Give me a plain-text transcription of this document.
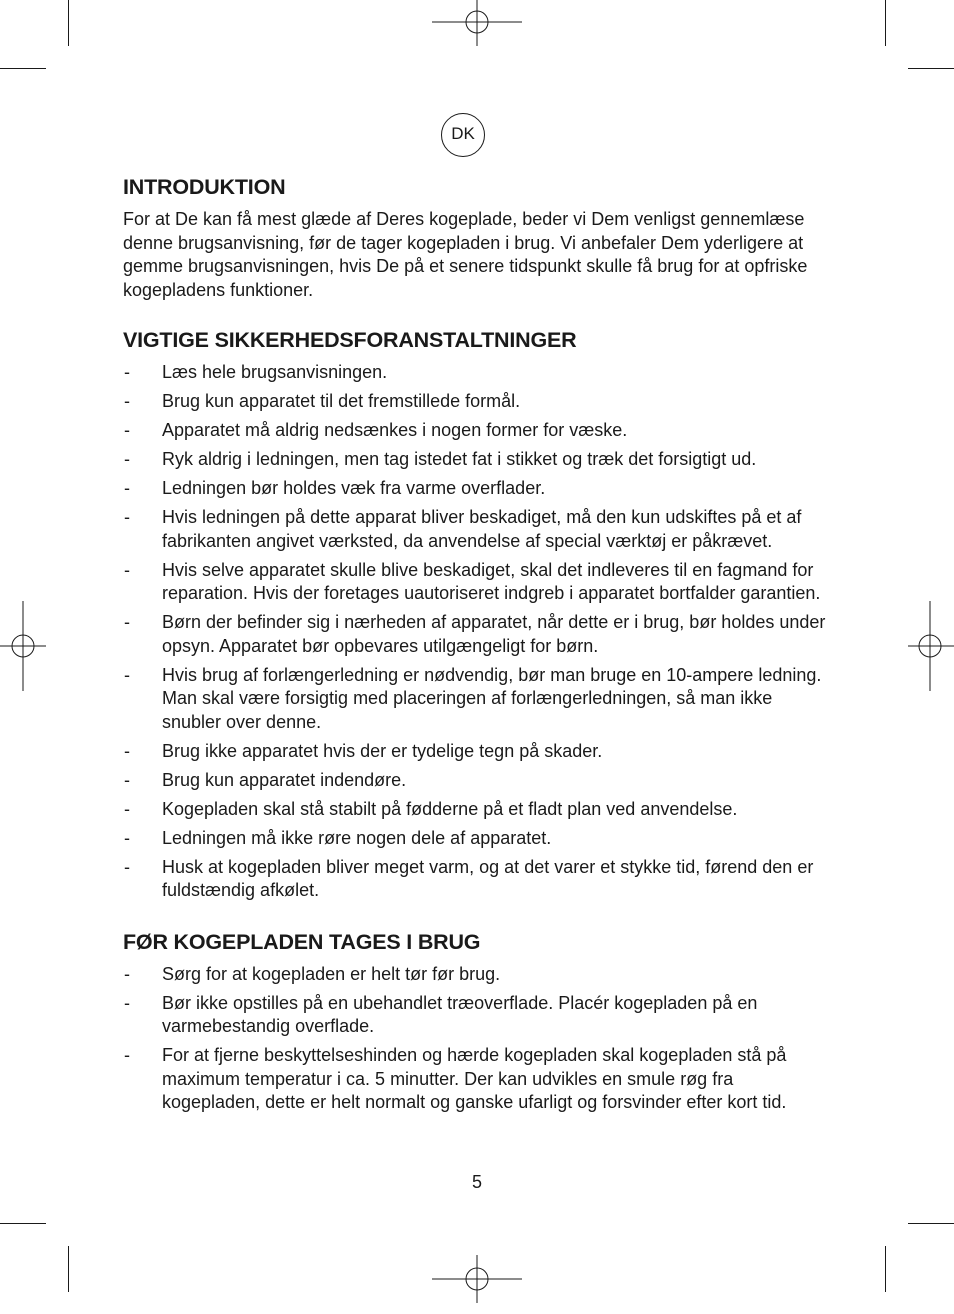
DK
INTRODUKTION

For at De kan få mest glæde af Deres kogeplade, beder vi Dem venligst gennemlæse denne brugsanvisning, før de tager kogepladen i brug. Vi anbefaler Dem yderligere at gemme brugsanvisningen, hvis De på et senere tidspunkt skulle få brug for at opfriske kogepladens funktioner.

VIGTIGE SIKKERHEDSFORANSTALTNINGER
- Læs hele brugsanvisningen.
- Brug kun apparatet til det fremstillede formål.
- Apparatet må aldrig nedsænkes i nogen former for væske.
- Ryk aldrig i ledningen, men tag istedet fat i stikket og træk det forsigtigt ud.
- Ledningen bør holdes væk fra varme overflader.
- Hvis ledningen på dette apparat bliver beskadiget, må den kun udskiftes på et af fabrikanten angivet værksted, da anvendelse af special værktøj er påkrævet.
- Hvis selve apparatet skulle blive beskadiget, skal det indleveres til en fagmand for reparation. Hvis der foretages uautoriseret indgreb i apparatet bortfalder garantien.
- Børn der befinder sig i nærheden af apparatet, når dette er i brug, bør holdes under opsyn. Apparatet bør opbevares utilgængeligt for børn.
- Hvis brug af forlængerledning er nødvendig, bør man bruge en 10-ampere ledning. Man skal være forsigtig med placeringen af forlængerledningen, så man ikke snubler over denne.
- Brug ikke apparatet hvis der er tydelige tegn på skader.
- Brug kun apparatet indendøre.
- Kogepladen skal stå stabilt på fødderne på et fladt plan ved anvendelse.
- Ledningen må ikke røre nogen dele af apparatet.
- Husk at kogepladen bliver meget varm, og at det varer et stykke tid, førend den er fuldstændig afkølet.
FØR KOGEPLADEN TAGES I BRUG
- Sørg for at kogepladen er helt tør før brug.
- Bør ikke opstilles på en ubehandlet træoverflade. Placér kogepladen på en varmebestandig overflade.
- For at fjerne beskyttelseshinden og hærde kogepladen skal kogepladen stå på maximum temperatur i ca. 5 minutter. Der kan udvikles en smule røg fra kogepladen, dette er helt normalt og ganske ufarligt og forsvinder efter kort tid.
5
